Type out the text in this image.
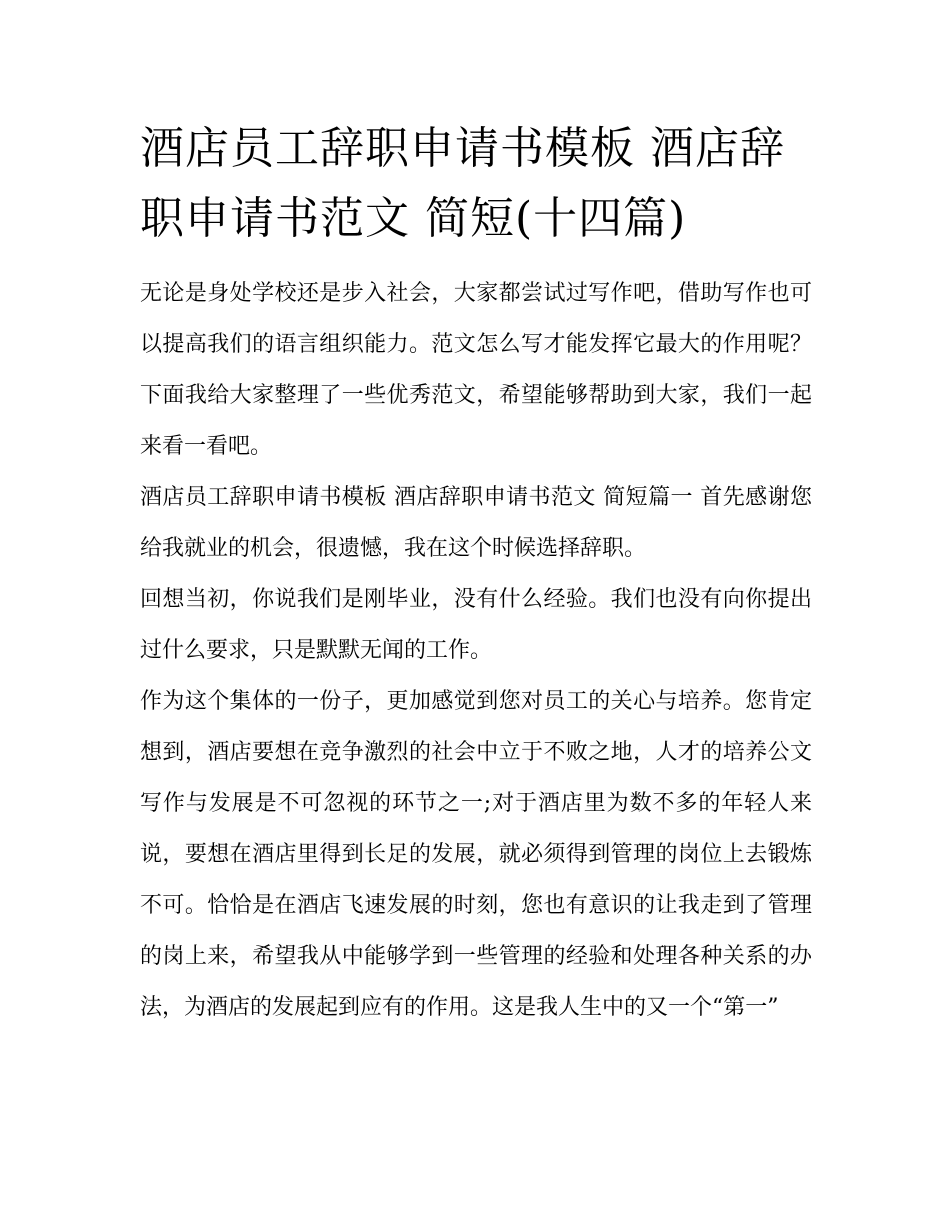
酒店员工辞职申请书模板 酒店辞职申请书范文 简短(十四篇)

无论是身处学校还是步入社会，大家都尝试过写作吧，借助写作也可以提高我们的语言组织能力。范文怎么写才能发挥它最大的作用呢？下面我给大家整理了一些优秀范文，希望能够帮助到大家，我们一起来看一看吧。

酒店员工辞职申请书模板 酒店辞职申请书范文 简短篇一 首先感谢您给我就业的机会，很遗憾，我在这个时候选择辞职。

回想当初，你说我们是刚毕业，没有什么经验。我们也没有向你提出过什么要求，只是默默无闻的工作。

作为这个集体的一份子，更加感觉到您对员工的关心与培养。您肯定想到，酒店要想在竞争激烈的社会中立于不败之地，人才的培养公文写作与发展是不可忽视的环节之一;对于酒店里为数不多的年轻人来说，要想在酒店里得到长足的发展，就必须得到管理的岗位上去锻炼不可。恰恰是在酒店飞速发展的时刻，您也有意识的让我走到了管理的岗上来，希望我从中能够学到一些管理的经验和处理各种关系的办法，为酒店的发展起到应有的作用。这是我人生中的又一个“第一”
